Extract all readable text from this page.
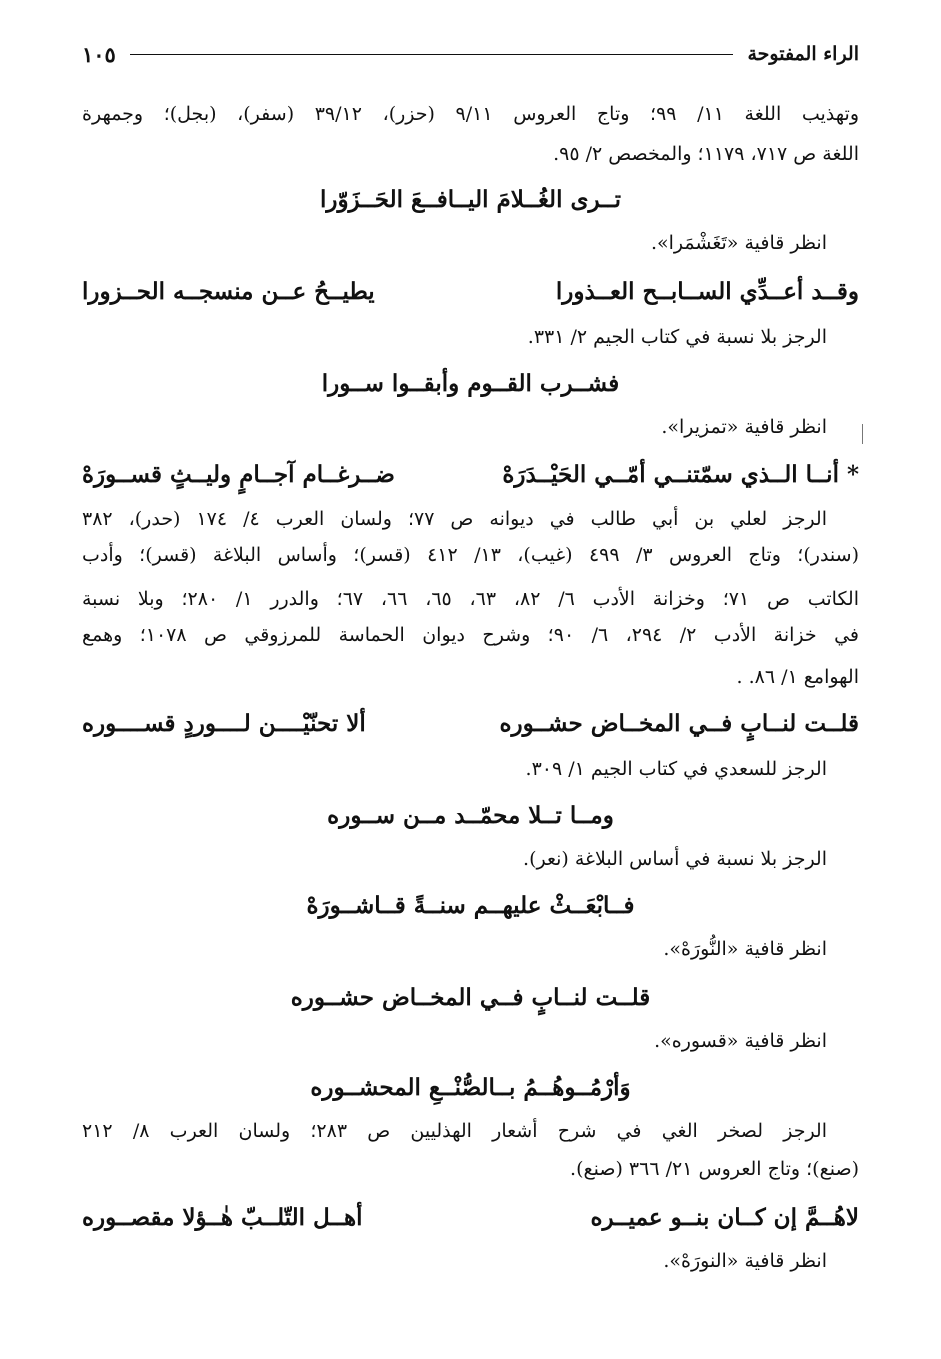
الراء المفتوحة
١٠٥
وتهذيب اللغة ١١/ ٩٩؛ وتاج العروس ٩/١١ (حزر)، ٣٩/١٢ (سفر)، (بجل)؛ وجمهرة
اللغة ص ٧١٧، ١١٧٩؛ والمخصص ٢/ ٩٥.
تــرى الغُــلامَ اليــافــعَ الحَــزَوّرا
انظر قافية «تَغَشْمَرا».
وقــد أعــدِّي الســابــح العــذورا
يطيــحُ عــن منسجــه الحــزورا
الرجز بلا نسبة في كتاب الجيم ٢/ ٣٣١.
فشــرب القــوم وأبقــوا ســورا
انظر قافية «تمزيرا».
* أنــا الــذي سمّتنــي أمّــي الحَيْــدَرَهْ
ضــرغــام آجــامٍ وليــثٍ قســورَهْ
الرجز لعلي بن أبي طالب في ديوانه ص ٧٧؛ ولسان العرب ٤/ ١٧٤ (حدر)، ٣٨٢
(سندر)؛ وتاج العروس ٣/ ٤٩٩ (غيب)، ١٣/ ٤١٢ (قسر)؛ وأساس البلاغة (قسر)؛ وأدب
الكاتب ص ٧١؛ وخزانة الأدب ٦/ ٨٢، ٦٣، ٦٥، ٦٦، ٦٧؛ والدرر ١/ ٢٨٠؛ وبلا نسبة
في خزانة الأدب ٢/ ٢٩٤، ٦/ ٩٠؛ وشرح ديوان الحماسة للمرزوقي ص ١٠٧٨؛ وهمع
الهوامع ١/ ٨٦. .
قلــت لنــابٍ فــي المخــاض حشــوره
ألا تحنّيْــــن لــــوردٍ قســــوره
الرجز للسعدي في كتاب الجيم ١/ ٣٠٩.
ومــا تــلا محمّــد مــن ســوره
الرجز بلا نسبة في أساس البلاغة (نعر).
فــابْعَــثْ عليهــم سنــةً قــاشــورَهْ
انظر قافية «النُّورَهْ».
قلــت لنــابٍ فــي المخــاض حشــوره
انظر قافية «قسوره».
وَأرْمُــوهُــمُ بــالصُّنْــعِ المحشــوره
الرجز لصخر الغي في شرح أشعار الهذليين ص ٢٨٣؛ ولسان العرب ٨/ ٢١٢
(صنع)؛ وتاج العروس ٢١/ ٣٦٦ (صنع).
لاهُــمَّ إن كــان بنــو عميــره
أهــل التّلــبّ هٰــؤلا مقصــوره
انظر قافية «النورَهْ».
